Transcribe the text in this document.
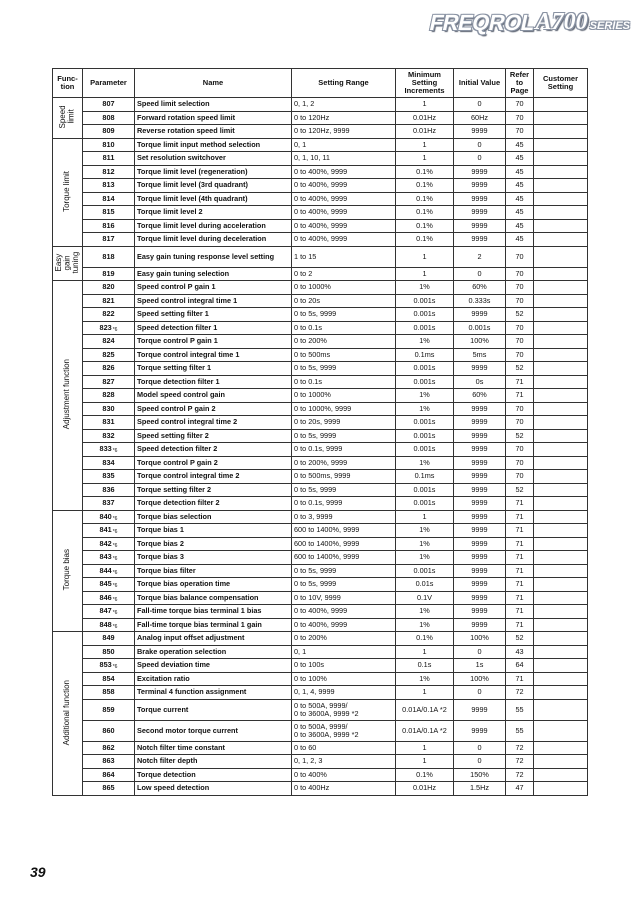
FREQROL A700 SERIES
Func-
tion	Parameter	Name	Setting Range	Minimum Setting Increments	Initial Value	Refer to Page	Customer Setting
Speed limit	807	Speed limit selection	0, 1, 2	1	0	70	
	808	Forward rotation speed limit	0 to 120Hz	0.01Hz	60Hz	70	
	809	Reverse rotation speed limit	0 to 120Hz, 9999	0.01Hz	9999	70	
Torque limit	810	Torque limit input method selection	0, 1	1	0	45	
	811	Set resolution switchover	0, 1, 10, 11	1	0	45	
	812	Torque limit level (regeneration)	0 to 400%, 9999	0.1%	9999	45	
	813	Torque limit level (3rd quadrant)	0 to 400%, 9999	0.1%	9999	45	
	814	Torque limit level (4th quadrant)	0 to 400%, 9999	0.1%	9999	45	
	815	Torque limit level 2	0 to 400%, 9999	0.1%	9999	45	
	816	Torque limit level during acceleration	0 to 400%, 9999	0.1%	9999	45	
	817	Torque limit level during deceleration	0 to 400%, 9999	0.1%	9999	45	
Easy gain
tuning	818	Easy gain tuning response level setting	1 to 15	1	2	70	
	819	Easy gain tuning selection	0 to 2	1	0	70	
Adjustment function	820	Speed control P gain 1	0 to 1000%	1%	60%	70	
	821	Speed control integral time 1	0 to 20s	0.001s	0.333s	70	
	822	Speed setting filter 1	0 to 5s, 9999	0.001s	9999	52	
	823$^{*6}$	Speed detection filter 1	0 to 0.1s	0.001s	0.001s	70	
	824	Torque control P gain 1	0 to 200%	1%	100%	70	
	825	Torque control integral time 1	0 to 500ms	0.1ms	5ms	70	
	826	Torque setting filter 1	0 to 5s, 9999	0.001s	9999	52	
	827	Torque detection filter 1	0 to 0.1s	0.001s	0s	71	
	828	Model speed control gain	0 to 1000%	1%	60%	71	
	830	Speed control P gain 2	0 to 1000%, 9999	1%	9999	70	
	831	Speed control integral time 2	0 to 20s, 9999	0.001s	9999	70	
	832	Speed setting filter 2	0 to 5s, 9999	0.001s	9999	52	
	833$^{*6}$	Speed detection filter 2	0 to 0.1s, 9999	0.001s	9999	70	
	834	Torque control P gain 2	0 to 200%, 9999	1%	9999	70	
	835	Torque control integral time 2	0 to 500ms, 9999	0.1ms	9999	70	
	836	Torque setting filter 2	0 to 5s, 9999	0.001s	9999	52	
	837	Torque detection filter 2	0 to 0.1s, 9999	0.001s	9999	71	
Torque bias	840$^{*6}$	Torque bias selection	0 to 3, 9999	1	9999	71	
	841$^{*6}$	Torque bias 1	600 to 1400%, 9999	1%	9999	71	
	842$^{*6}$	Torque bias 2	600 to 1400%, 9999	1%	9999	71	
	843$^{*6}$	Torque bias 3	600 to 1400%, 9999	1%	9999	71	
	844$^{*6}$	Torque bias filter	0 to 5s, 9999	0.001s	9999	71	
	845$^{*6}$	Torque bias operation time	0 to 5s, 9999	0.01s	9999	71	
	846$^{*6}$	Torque bias balance compensation	0 to 10V, 9999	0.1V	9999	71	
	847$^{*6}$	Fall-time torque bias terminal 1 bias	0 to 400%, 9999	1%	9999	71	
	848$^{*6}$	Fall-time torque bias terminal 1 gain	0 to 400%, 9999	1%	9999	71	
Additional function	849	Analog input offset adjustment	0 to 200%	0.1%	100%	52	
	850	Brake operation selection	0, 1	1	0	43	
	853$^{*6}$	Speed deviation time	0 to 100s	0.1s	1s	64	
	854	Excitation ratio	0 to 100%	1%	100%	71	
	858	Terminal 4 function assignment	0, 1, 4, 9999	1	0	72	
	859	Torque current	0 to 500A, 9999/
0 to 3600A, 9999 *2	0.01A/0.1A *2	9999	55	
	860	Second motor torque current	0 to 500A, 9999/
0 to 3600A, 9999 *2	0.01A/0.1A *2	9999	55	
	862	Notch filter time constant	0 to 60	1	0	72	
	863	Notch filter depth	0, 1, 2, 3	1	0	72	
	864	Torque detection	0 to 400%	0.1%	150%	72	
	865	Low speed detection	0 to 400Hz	0.01Hz	1.5Hz	47	
39
